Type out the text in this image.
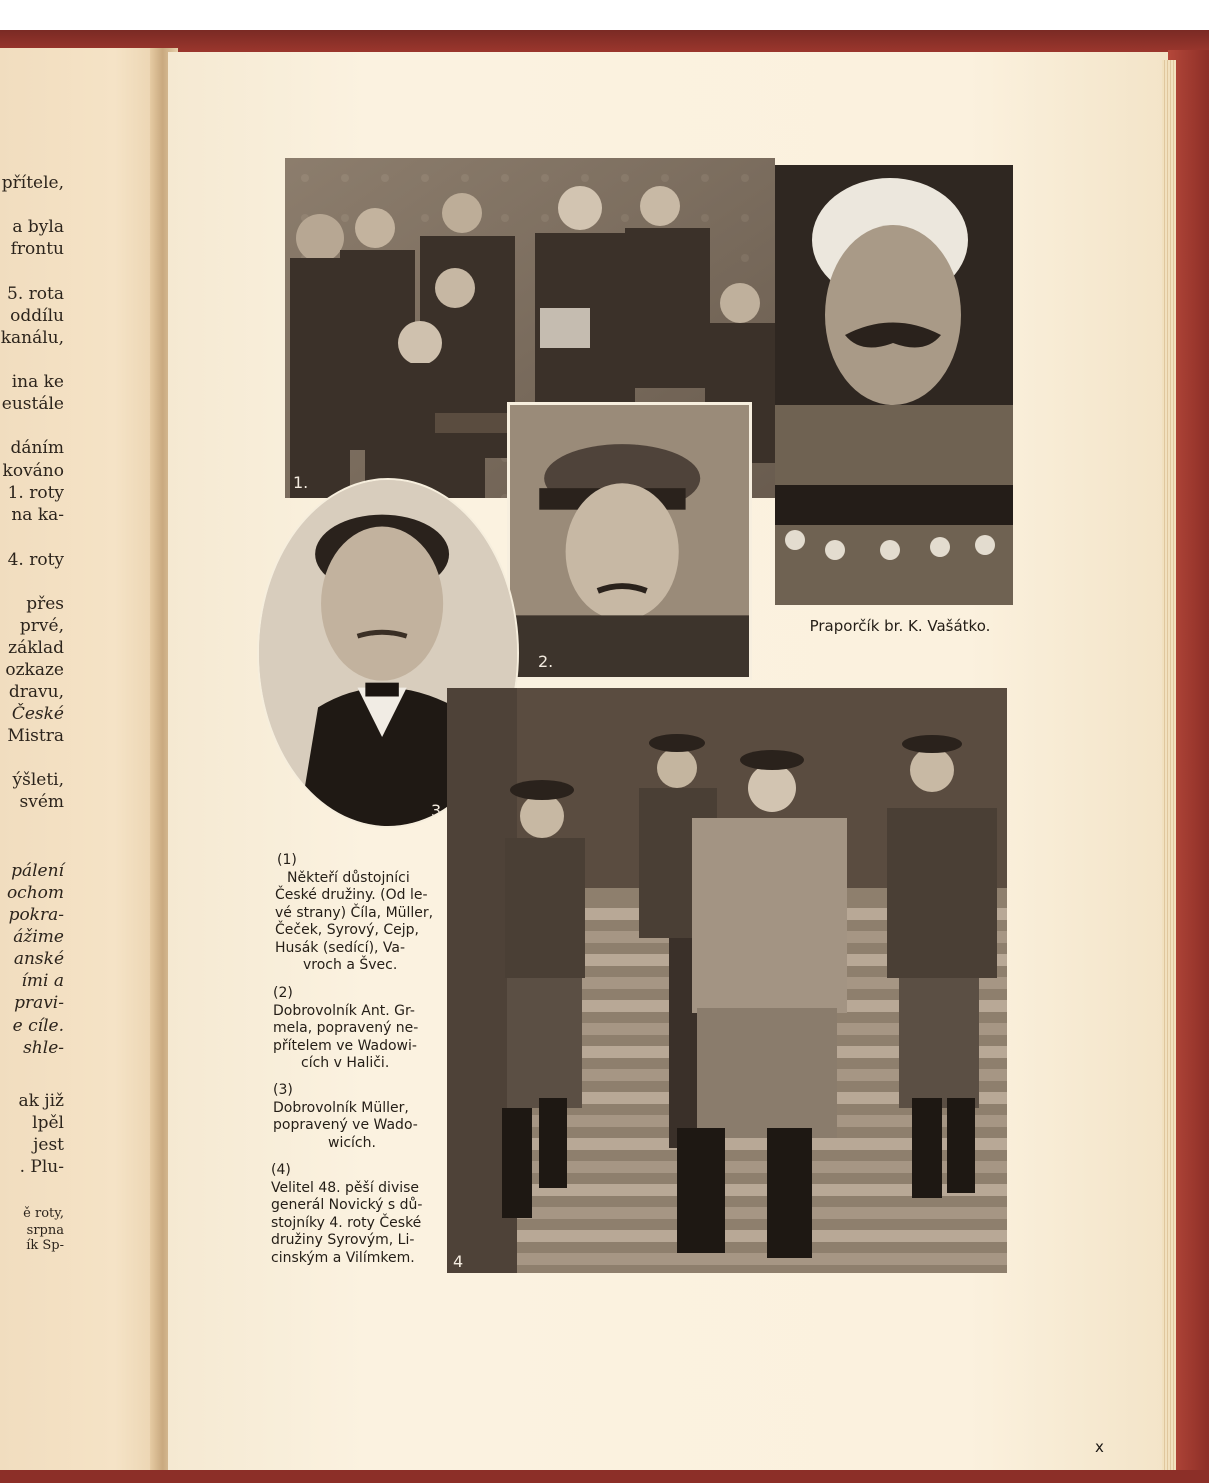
přítele,
a byla
frontu
5. rota
oddílu
kanálu,
ina ke
eustále
dáním
kováno
1. roty
na ka-
4. roty
přes
prvé,
základ
ozkaze
dravu,
České
Mistra
ýšleti,
svém
pálení
ochom
pokra-
ážime
anské
ími a
pravi-
e cíle.
shle-
ak již
lpěl
jest
. Plu-
ě roty,
srpna
ík Sp-
Praporčík br. K. Vašátko.
2.
3.
4
(1)
Někteří důstojníci
České družiny. (Od le-
vé strany) Číla, Müller,
Čeček, Syrový, Cejp,
Husák (sedící), Va-
vroch a Švec.
(2)
Dobrovolník Ant. Gr-
mela, popravený ne-
přítelem ve Wadowi-
cích v Haliči.
(3)
Dobrovolník Müller,
popravený ve Wado-
wicích.
(4)
Velitel 48. pěší divise
generál Novický s dů-
stojníky 4. roty České
družiny Syrovým, Li-
cinským a Vilímkem.
x
